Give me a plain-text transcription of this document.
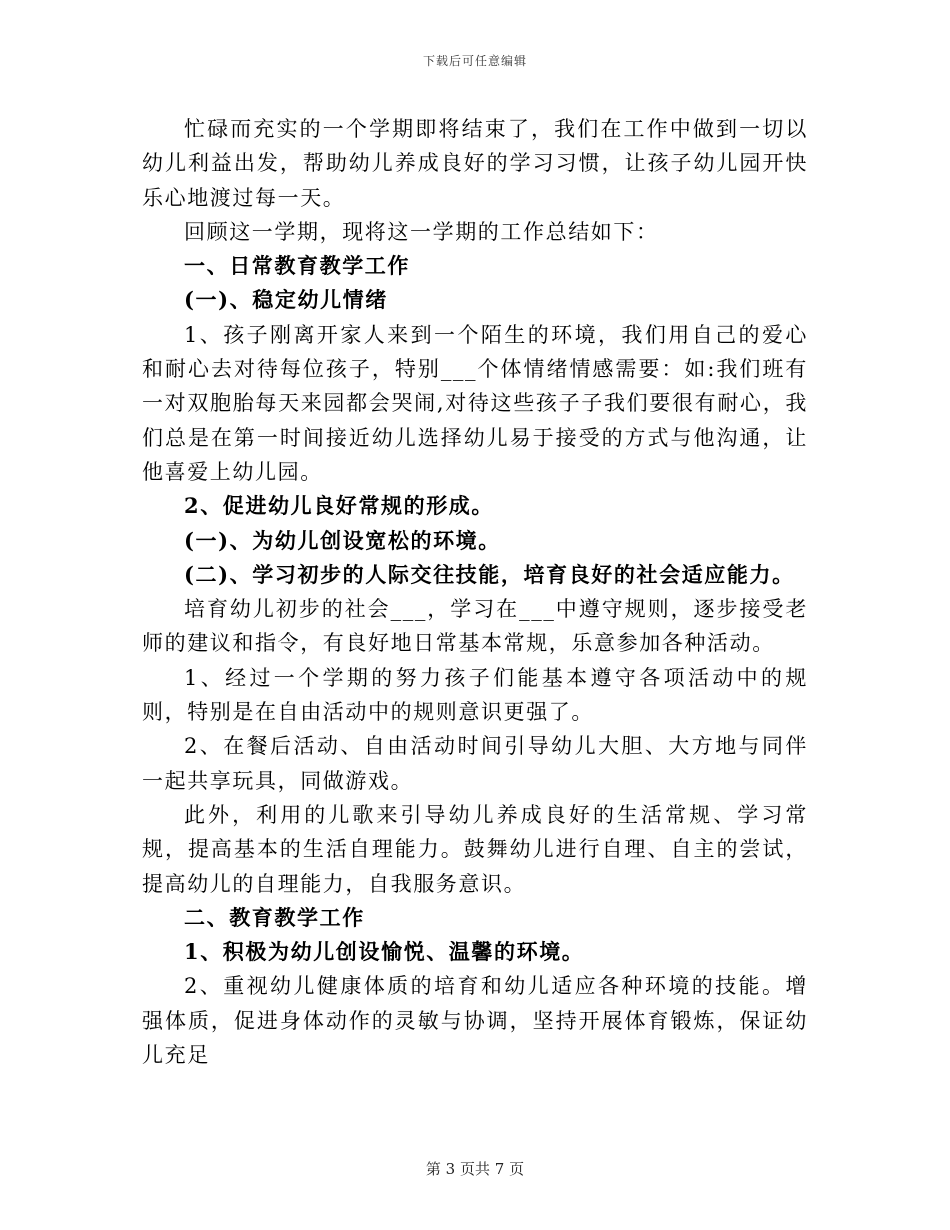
下载后可任意编辑

忙碌而充实的一个学期即将结束了，我们在工作中做到一切以幼儿利益出发，帮助幼儿养成良好的学习习惯，让孩子幼儿园开快乐心地渡过每一天。

回顾这一学期，现将这一学期的工作总结如下：

一、日常教育教学工作

(一)、稳定幼儿情绪

1、孩子刚离开家人来到一个陌生的环境，我们用自己的爱心和耐心去对待每位孩子，特别___个体情绪情感需要：如:我们班有一对双胞胎每天来园都会哭闹,对待这些孩子子我们要很有耐心，我们总是在第一时间接近幼儿选择幼儿易于接受的方式与他沟通，让他喜爱上幼儿园。

2、促进幼儿良好常规的形成。

(一)、为幼儿创设宽松的环境。

(二)、学习初步的人际交往技能，培育良好的社会适应能力。

培育幼儿初步的社会___，学习在___中遵守规则，逐步接受老师的建议和指令，有良好地日常基本常规，乐意参加各种活动。

1、经过一个学期的努力孩子们能基本遵守各项活动中的规则，特别是在自由活动中的规则意识更强了。

2、在餐后活动、自由活动时间引导幼儿大胆、大方地与同伴一起共享玩具，同做游戏。

此外，利用的儿歌来引导幼儿养成良好的生活常规、学习常规，提高基本的生活自理能力。鼓舞幼儿进行自理、自主的尝试，提高幼儿的自理能力，自我服务意识。

二、教育教学工作

1、积极为幼儿创设愉悦、温馨的环境。

2、重视幼儿健康体质的培育和幼儿适应各种环境的技能。增强体质，促进身体动作的灵敏与协调，坚持开展体育锻炼，保证幼儿充足

第 3 页共 7 页
